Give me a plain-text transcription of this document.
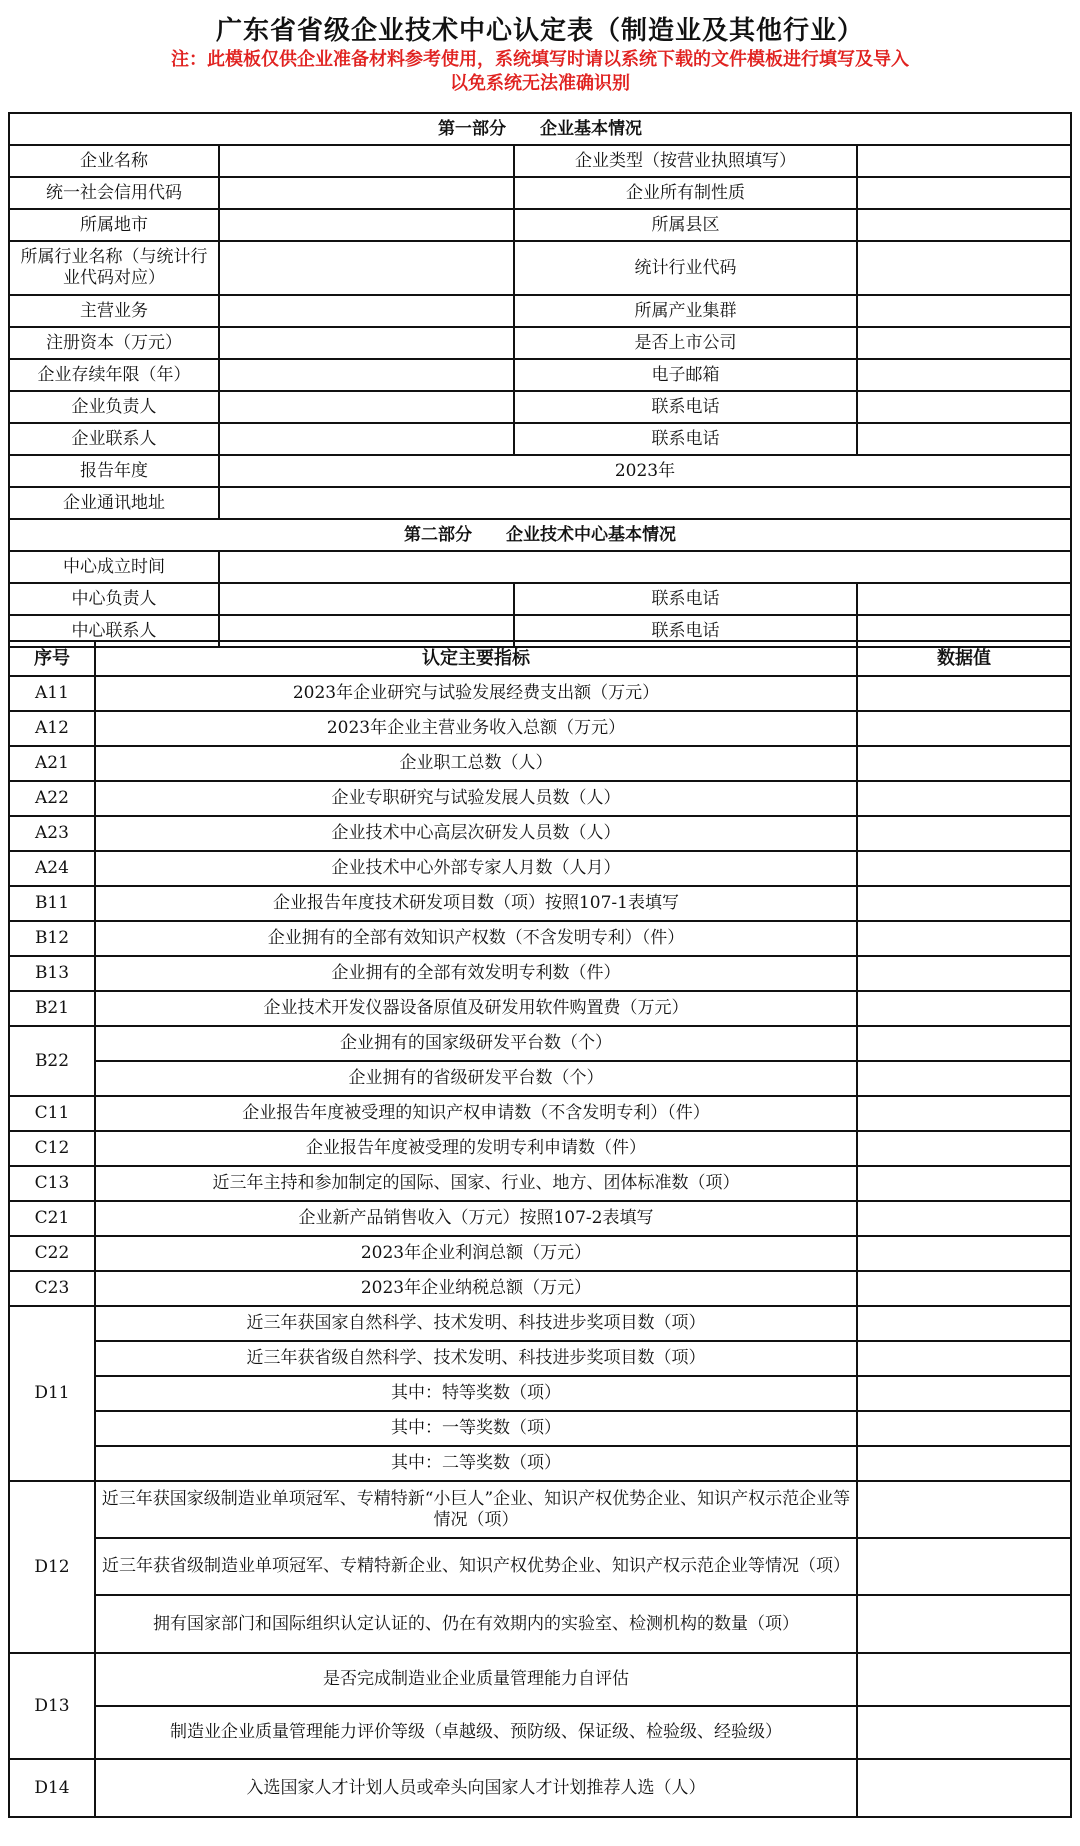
广东省省级企业技术中心认定表（制造业及其他行业）
注：此模板仅供企业准备材料参考使用，系统填写时请以系统下载的文件模板进行填写及导入
以免系统无法准确识别
第一部分　　企业基本情况			
企业名称		企业类型（按营业执照填写）	
统一社会信用代码		企业所有制性质	
所属地市		所属县区	
所属行业名称（与统计行业代码对应）		统计行业代码	
主营业务		所属产业集群	
注册资本（万元）		是否上市公司	
企业存续年限（年）		电子邮箱	
企业负责人		联系电话	
企业联系人		联系电话	
报告年度	2023年		
企业通讯地址			
第二部分　　企业技术中心基本情况			
中心成立时间			
中心负责人		联系电话	
中心联系人		联系电话	
序号	认定主要指标	数据值
A11	2023年企业研究与试验发展经费支出额（万元）	
A12	2023年企业主营业务收入总额（万元）	
A21	企业职工总数（人）	
A22	企业专职研究与试验发展人员数（人）	
A23	企业技术中心高层次研发人员数（人）	
A24	企业技术中心外部专家人月数（人月）	
B11	企业报告年度技术研发项目数（项）按照107-1表填写	
B12	企业拥有的全部有效知识产权数（不含发明专利）（件）	
B13	企业拥有的全部有效发明专利数（件）	
B21	企业技术开发仪器设备原值及研发用软件购置费（万元）	
B22	企业拥有的国家级研发平台数（个）	
	企业拥有的省级研发平台数（个）	
C11	企业报告年度被受理的知识产权申请数（不含发明专利）（件）	
C12	企业报告年度被受理的发明专利申请数（件）	
C13	近三年主持和参加制定的国际、国家、行业、地方、团体标准数（项）	
C21	企业新产品销售收入（万元）按照107-2表填写	
C22	2023年企业利润总额（万元）	
C23	2023年企业纳税总额（万元）	
D11	近三年获国家自然科学、技术发明、科技进步奖项目数（项）	
	近三年获省级自然科学、技术发明、科技进步奖项目数（项）	
	其中：特等奖数（项）	
	其中：一等奖数（项）	
	其中：二等奖数（项）	
D12	近三年获国家级制造业单项冠军、专精特新“小巨人”企业、知识产权优势企业、知识产权示范企业等情况（项）	
	近三年获省级制造业单项冠军、专精特新企业、知识产权优势企业、知识产权示范企业等情况（项）	
	拥有国家部门和国际组织认定认证的、仍在有效期内的实验室、检测机构的数量（项）	
D13	是否完成制造业企业质量管理能力自评估	
	制造业企业质量管理能力评价等级（卓越级、预防级、保证级、检验级、经验级）	
D14	入选国家人才计划人员或牵头向国家人才计划推荐人选（人）	
